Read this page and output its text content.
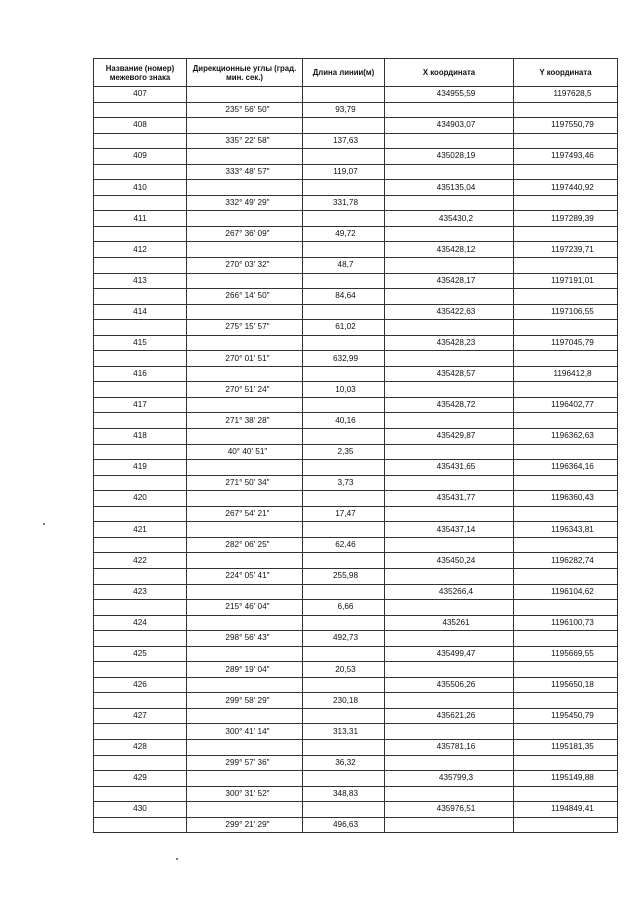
Название (номер) межевого знака	Дирекционные углы (град. мин. сек.)	Длина линии(м)	X координата	Y координата
407			434955,59	1197628,5
	235° 56' 50"	93,79		
408			434903,07	1197550,79
	335° 22' 58"	137,63		
409			435028,19	1197493,46
	333° 48' 57"	119,07		
410			435135,04	1197440,92
	332° 49' 29"	331,78		
411			435430,2	1197289,39
	267° 36' 09"	49,72		
412			435428,12	1197239,71
	270° 03' 32"	48,7		
413			435428,17	1197191,01
	266° 14' 50"	84,64		
414			435422,63	1197106,55
	275° 15' 57"	61,02		
415			435428,23	1197045,79
	270° 01' 51"	632,99		
416			435428,57	1196412,8
	270° 51' 24"	10,03		
417			435428,72	1196402,77
	271° 38' 28"	40,16		
418			435429,87	1196362,63
	40° 40' 51"	2,35		
419			435431,65	1196364,16
	271° 50' 34"	3,73		
420			435431,77	1196360,43
	267° 54' 21"	17,47		
421			435437,14	1196343,81
	282° 06' 25"	62,46		
422			435450,24	1196282,74
	224° 05' 41"	255,98		
423			435266,4	1196104,62
	215° 46' 04"	6,66		
424			435261	1196100,73
	298° 56' 43"	492,73		
425			435499,47	1195669,55
	289° 19' 04"	20,53		
426			435506,26	1195650,18
	299° 58' 29"	230,18		
427			435621,26	1195450,79
	300° 41' 14"	313,31		
428			435781,16	1195181,35
	299° 57' 36"	36,32		
429			435799,3	1195149,88
	300° 31' 52"	348,83		
430			435976,51	1194849,41
	299° 21' 29"	496,63		
